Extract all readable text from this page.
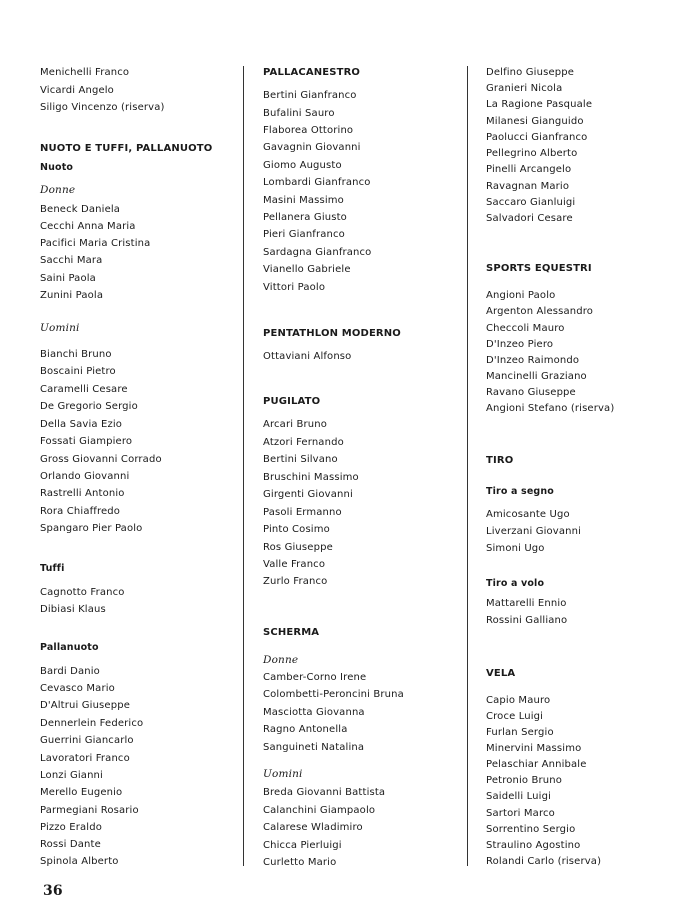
Menichelli Franco
Vicardi Angelo
Siligo Vincenzo (riserva)
NUOTO E TUFFI, PALLANUOTO
Nuoto
Donne
Beneck Daniela
Cecchi Anna Maria
Pacifici Maria Cristina
Sacchi Mara
Saini Paola
Zunini Paola
Uomini
Bianchi Bruno
Boscaini Pietro
Caramelli Cesare
De Gregorio Sergio
Della Savia Ezio
Fossati Giampiero
Gross Giovanni Corrado
Orlando Giovanni
Rastrelli Antonio
Rora Chiaffredo
Spangaro Pier Paolo
Tuffi
Cagnotto Franco
Dibiasi Klaus
Pallanuoto
Bardi Danio
Cevasco Mario
D'Altrui Giuseppe
Dennerlein Federico
Guerrini Giancarlo
Lavoratori Franco
Lonzi Gianni
Merello Eugenio
Parmegiani Rosario
Pizzo Eraldo
Rossi Dante
Spinola Alberto
PALLACANESTRO
Bertini Gianfranco
Bufalini Sauro
Flaborea Ottorino
Gavagnin Giovanni
Giomo Augusto
Lombardi Gianfranco
Masini Massimo
Pellanera Giusto
Pieri Gianfranco
Sardagna Gianfranco
Vianello Gabriele
Vittori Paolo
PENTATHLON MODERNO
Ottaviani Alfonso
PUGILATO
Arcari Bruno
Atzori Fernando
Bertini Silvano
Bruschini Massimo
Girgenti Giovanni
Pasoli Ermanno
Pinto Cosimo
Ros Giuseppe
Valle Franco
Zurlo Franco
SCHERMA
Donne
Camber-Corno Irene
Colombetti-Peroncini Bruna
Masciotta Giovanna
Ragno Antonella
Sanguineti Natalina
Uomini
Breda Giovanni Battista
Calanchini Giampaolo
Calarese Wladimiro
Chicca Pierluigi
Curletto Mario
Delfino Giuseppe
Granieri Nicola
La Ragione Pasquale
Milanesi Gianguido
Paolucci Gianfranco
Pellegrino Alberto
Pinelli Arcangelo
Ravagnan Mario
Saccaro Gianluigi
Salvadori Cesare
SPORTS EQUESTRI
Angioni Paolo
Argenton Alessandro
Checcoli Mauro
D'Inzeo Piero
D'Inzeo Raimondo
Mancinelli Graziano
Ravano Giuseppe
Angioni Stefano (riserva)
TIRO
Tiro a segno
Amicosante Ugo
Liverzani Giovanni
Simoni Ugo
Tiro a volo
Mattarelli Ennio
Rossini Galliano
VELA
Capio Mauro
Croce Luigi
Furlan Sergio
Minervini Massimo
Pelaschiar Annibale
Petronio Bruno
Saidelli Luigi
Sartori Marco
Sorrentino Sergio
Straulino Agostino
Rolandi Carlo (riserva)
36
